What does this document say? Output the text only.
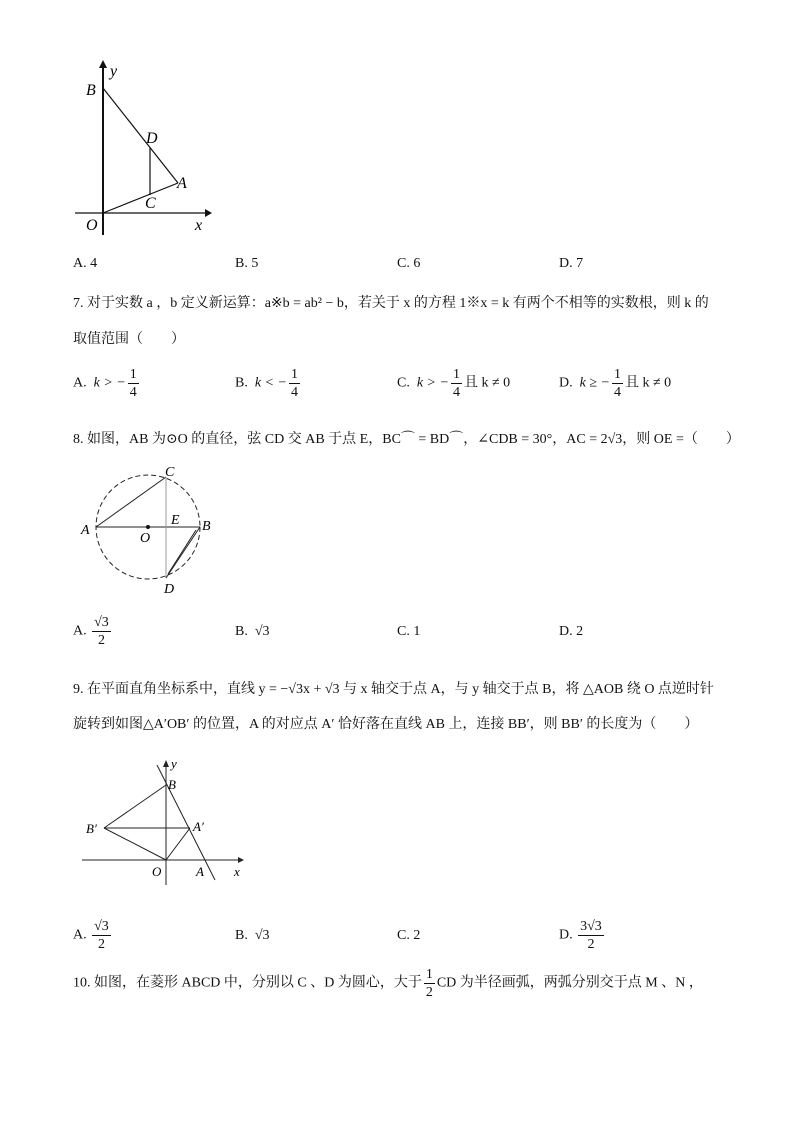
B
y
D
A
C
O	x
A. 4	B. 5	C. 6	D. 7
7. 对于实数 a ，b 定义新运算：a※b = ab² − b，若关于 x 的方程 1※x = k 有两个不相等的实数根，则 k 的
取值范围（　　）
A. k > − $\frac{1}{4}$	B. k < − $\frac{1}{4}$	C. k > − $\frac{1}{4}$ 且 k ≠ 0	D. k ≥ − $\frac{1}{4}$ 且 k ≠ 0
8. 如图，AB 为⊙O 的直径，弦 CD 交 AB 于点 E，BC⌒ = BD⌒，∠CDB = 30°，AC = 2√3，则 OE =（　　）
A	B
C
D
E
O
A. $\frac{√3}{2}$	B. √3	C. 1	D. 2
9. 在平面直角坐标系中，直线 y = −√3x + √3 与 x 轴交于点 A，与 y 轴交于点 B，将 △AOB 绕 O 点逆时针
旋转到如图△A′OB′ 的位置，A 的对应点 A′ 恰好落在直线 AB 上，连接 BB′，则 BB′ 的长度为（　　）
y
B
B′	A′
O	A x
A. $\frac{√3}{2}$	B. √3	C. 2	D. $\frac{3√3}{2}$
10. 如图，在菱形 ABCD 中，分别以 C 、D 为圆心，大于 $\frac{1}{2}$ CD 为半径画弧，两弧分别交于点 M 、N ，
